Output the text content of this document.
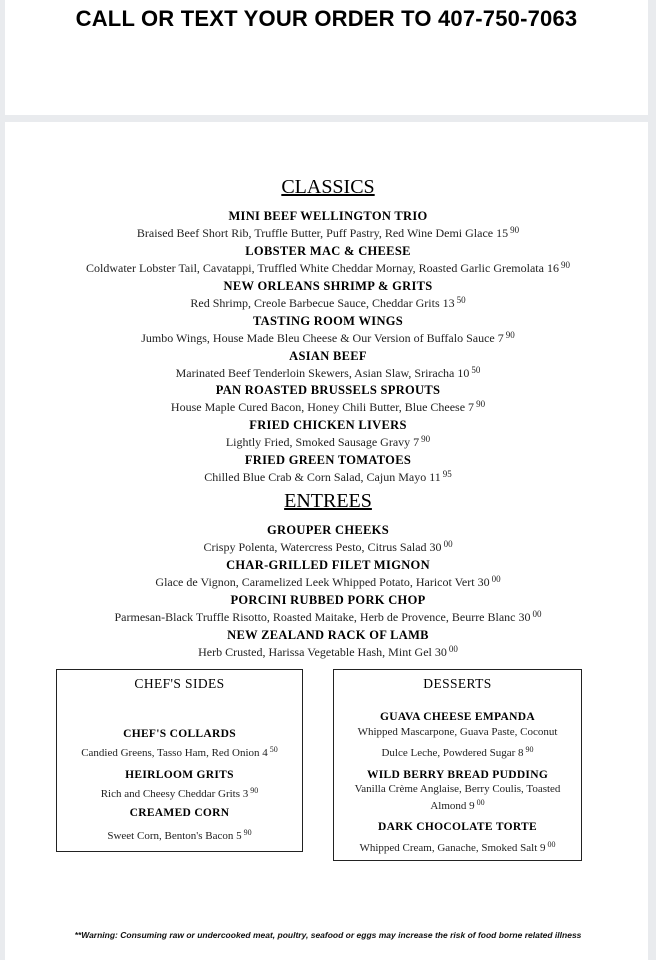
CALL OR TEXT YOUR ORDER TO 407-750-7063
CLASSICS
MINI BEEF WELLINGTON TRIO
Braised Beef Short Rib, Truffle Butter, Puff Pastry, Red Wine Demi Glace 15 $^{90}$
LOBSTER MAC & CHEESE
Coldwater Lobster Tail, Cavatappi, Truffled White Cheddar Mornay, Roasted Garlic Gremolata 16 $^{90}$
NEW ORLEANS SHRIMP & GRITS
Red Shrimp, Creole Barbecue Sauce, Cheddar Grits 13 $^{50}$
TASTING ROOM WINGS
Jumbo Wings, House Made Bleu Cheese & Our Version of Buffalo Sauce 7 $^{90}$
ASIAN BEEF
Marinated Beef Tenderloin Skewers, Asian Slaw, Sriracha 10 $^{50}$
PAN ROASTED BRUSSELS SPROUTS
House Maple Cured Bacon, Honey Chili Butter, Blue Cheese 7 $^{90}$
FRIED CHICKEN LIVERS
Lightly Fried, Smoked Sausage Gravy 7 $^{90}$
FRIED GREEN TOMATOES
Chilled Blue Crab & Corn Salad, Cajun Mayo 11 $^{95}$
ENTREES
GROUPER CHEEKS
Crispy Polenta, Watercress Pesto, Citrus Salad 30 $^{00}$
CHAR-GRILLED FILET MIGNON
Glace de Vignon, Caramelized Leek Whipped Potato, Haricot Vert 30 $^{00}$
PORCINI RUBBED PORK CHOP
Parmesan-Black Truffle Risotto, Roasted Maitake, Herb de Provence, Beurre Blanc 30 $^{00}$
NEW ZEALAND RACK OF LAMB
Herb Crusted, Harissa Vegetable Hash, Mint Gel 30 $^{00}$
CHEF'S SIDES
CHEF'S COLLARDS
Candied Greens, Tasso Ham, Red Onion 4 $^{50}$
HEIRLOOM GRITS
Rich and Cheesy Cheddar Grits 3 $^{90}$
CREAMED CORN
Sweet Corn, Benton's Bacon 5 $^{90}$
DESSERTS
GUAVA CHEESE EMPANDA
Whipped Mascarpone, Guava Paste, Coconut
Dulce Leche, Powdered Sugar 8 $^{90}$
WILD BERRY BREAD PUDDING
Vanilla Crème Anglaise, Berry Coulis, Toasted
Almond 9 $^{00}$
DARK CHOCOLATE TORTE
Whipped Cream, Ganache, Smoked Salt 9 $^{00}$
**Warning: Consuming raw or undercooked meat, poultry, seafood or eggs may increase the risk of food borne related illness
